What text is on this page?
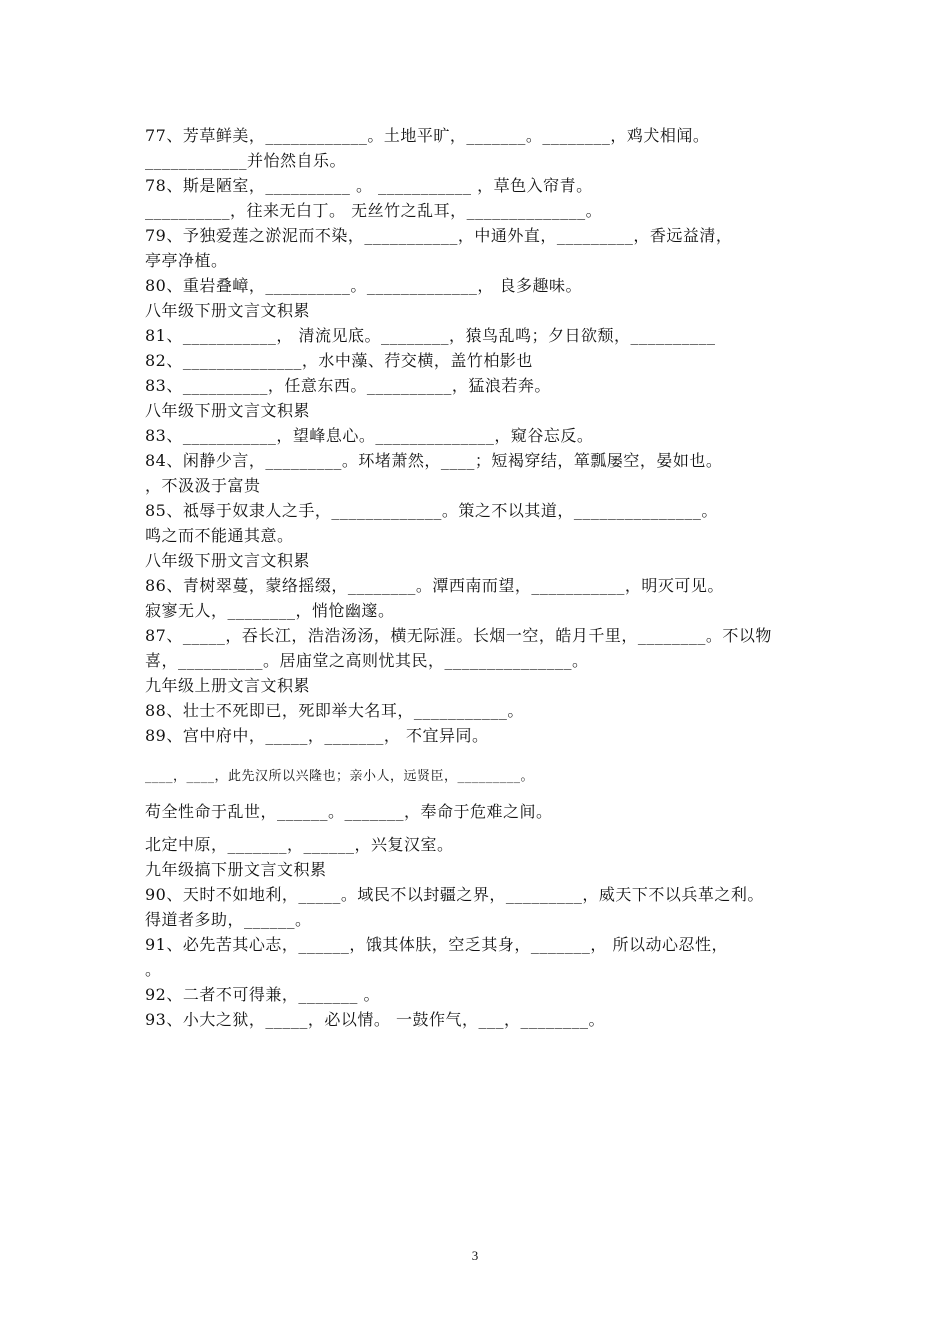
77、芳草鲜美，____________。土地平旷，_______。________，鸡犬相闻。
____________并怡然自乐。
78、斯是陋室，__________ 。 ___________ ，草色入帘青。
__________，往来无白丁。 无丝竹之乱耳，______________。
79、予独爱莲之淤泥而不染，___________，中通外直，_________，香远益清，
亭亭净植。
80、重岩叠嶂，__________。_____________， 良多趣味。
八年级下册文言文积累
81、___________， 清流见底。________，猿鸟乱鸣；夕日欲颓，__________
82、______________，水中藻、荇交横，盖竹柏影也
83、__________，任意东西。__________，猛浪若奔。
八年级下册文言文积累
83、___________，望峰息心。______________，窥谷忘反。
84、闲静少言，_________。环堵萧然，____；短褐穿结，箪瓢屡空，晏如也。
，不汲汲于富贵
85、祗辱于奴隶人之手，_____________。策之不以其道，_______________。
鸣之而不能通其意。
八年级下册文言文积累
86、青树翠蔓，蒙络摇缀，________。潭西南而望，___________，明灭可见。
寂寥无人，________，悄怆幽邃。
87、_____，吞长江，浩浩汤汤，横无际涯。长烟一空，皓月千里，________。不以物
喜，__________。居庙堂之高则忧其民，_______________。
九年级上册文言文积累
88、壮士不死即已，死即举大名耳，___________。
89、宫中府中，_____，_______， 不宜异同。
____，____，此先汉所以兴隆也；亲小人，远贤臣，_________。
苟全性命于乱世，______。_______，奉命于危难之间。
北定中原，_______，______，兴复汉室。
九年级搞下册文言文积累
90、天时不如地利，_____。域民不以封疆之界，_________，威天下不以兵革之利。
得道者多助，______。
91、必先苦其心志，______，饿其体肤，空乏其身，_______， 所以动心忍性，
。
92、二者不可得兼，_______ 。
93、小大之狱，_____，必以情。 一鼓作气，___，________。
3
